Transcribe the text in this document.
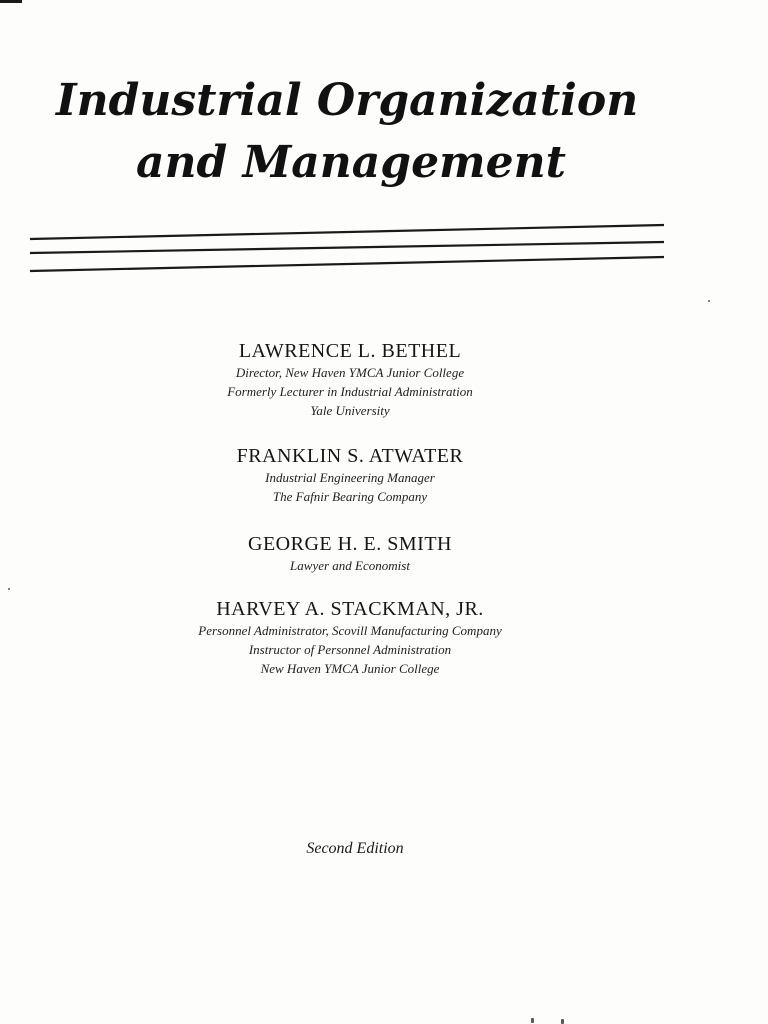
Industrial Organization
and Management
LAWRENCE L. BETHEL
Director, New Haven YMCA Junior College
Formerly Lecturer in Industrial Administration
Yale University
FRANKLIN S. ATWATER
Industrial Engineering Manager
The Fafnir Bearing Company
GEORGE H. E. SMITH
Lawyer and Economist
HARVEY A. STACKMAN, JR.
Personnel Administrator, Scovill Manufacturing Company
Instructor of Personnel Administration
New Haven YMCA Junior College
Second Edition
